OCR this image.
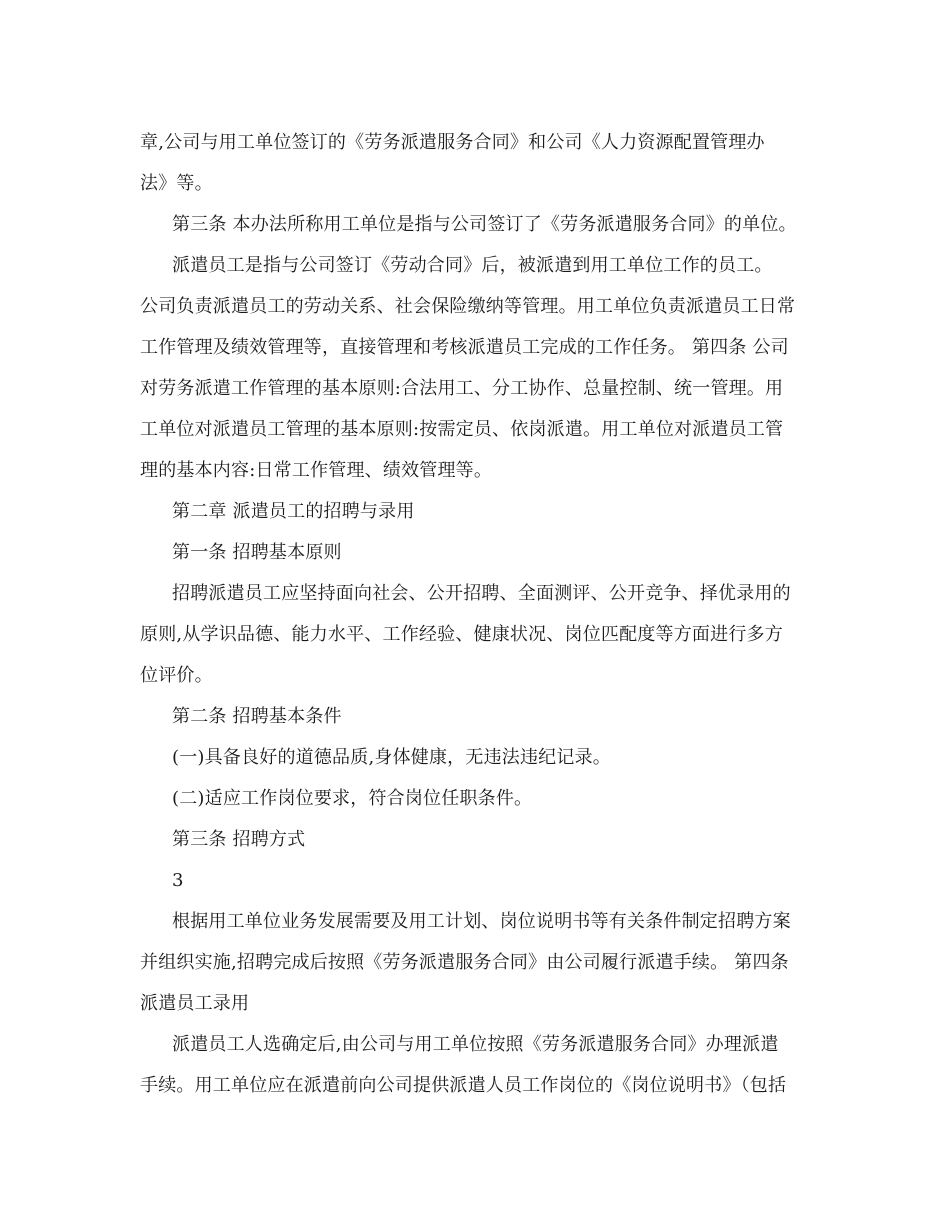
章,公司与用工单位签订的《劳务派遣服务合同》和公司《人力资源配置管理办
法》等。
第三条 本办法所称用工单位是指与公司签订了《劳务派遣服务合同》的单位。
派遣员工是指与公司签订《劳动合同》后，被派遣到用工单位工作的员工。
公司负责派遣员工的劳动关系、社会保险缴纳等管理。用工单位负责派遣员工日常
工作管理及绩效管理等，直接管理和考核派遣员工完成的工作任务。 第四条 公司
对劳务派遣工作管理的基本原则:合法用工、分工协作、总量控制、统一管理。用
工单位对派遣员工管理的基本原则:按需定员、依岗派遣。用工单位对派遣员工管
理的基本内容:日常工作管理、绩效管理等。
第二章 派遣员工的招聘与录用
第一条 招聘基本原则
招聘派遣员工应坚持面向社会、公开招聘、全面测评、公开竞争、择优录用的
原则,从学识品德、能力水平、工作经验、健康状况、岗位匹配度等方面进行多方
位评价。
第二条 招聘基本条件
(一)具备良好的道德品质,身体健康，无违法违纪记录。
(二)适应工作岗位要求，符合岗位任职条件。
第三条 招聘方式
3
根据用工单位业务发展需要及用工计划、岗位说明书等有关条件制定招聘方案
并组织实施,招聘完成后按照《劳务派遣服务合同》由公司履行派遣手续。 第四条
派遣员工录用
派遣员工人选确定后,由公司与用工单位按照《劳务派遣服务合同》办理派遣
手续。用工单位应在派遣前向公司提供派遣人员工作岗位的《岗位说明书》（包括
